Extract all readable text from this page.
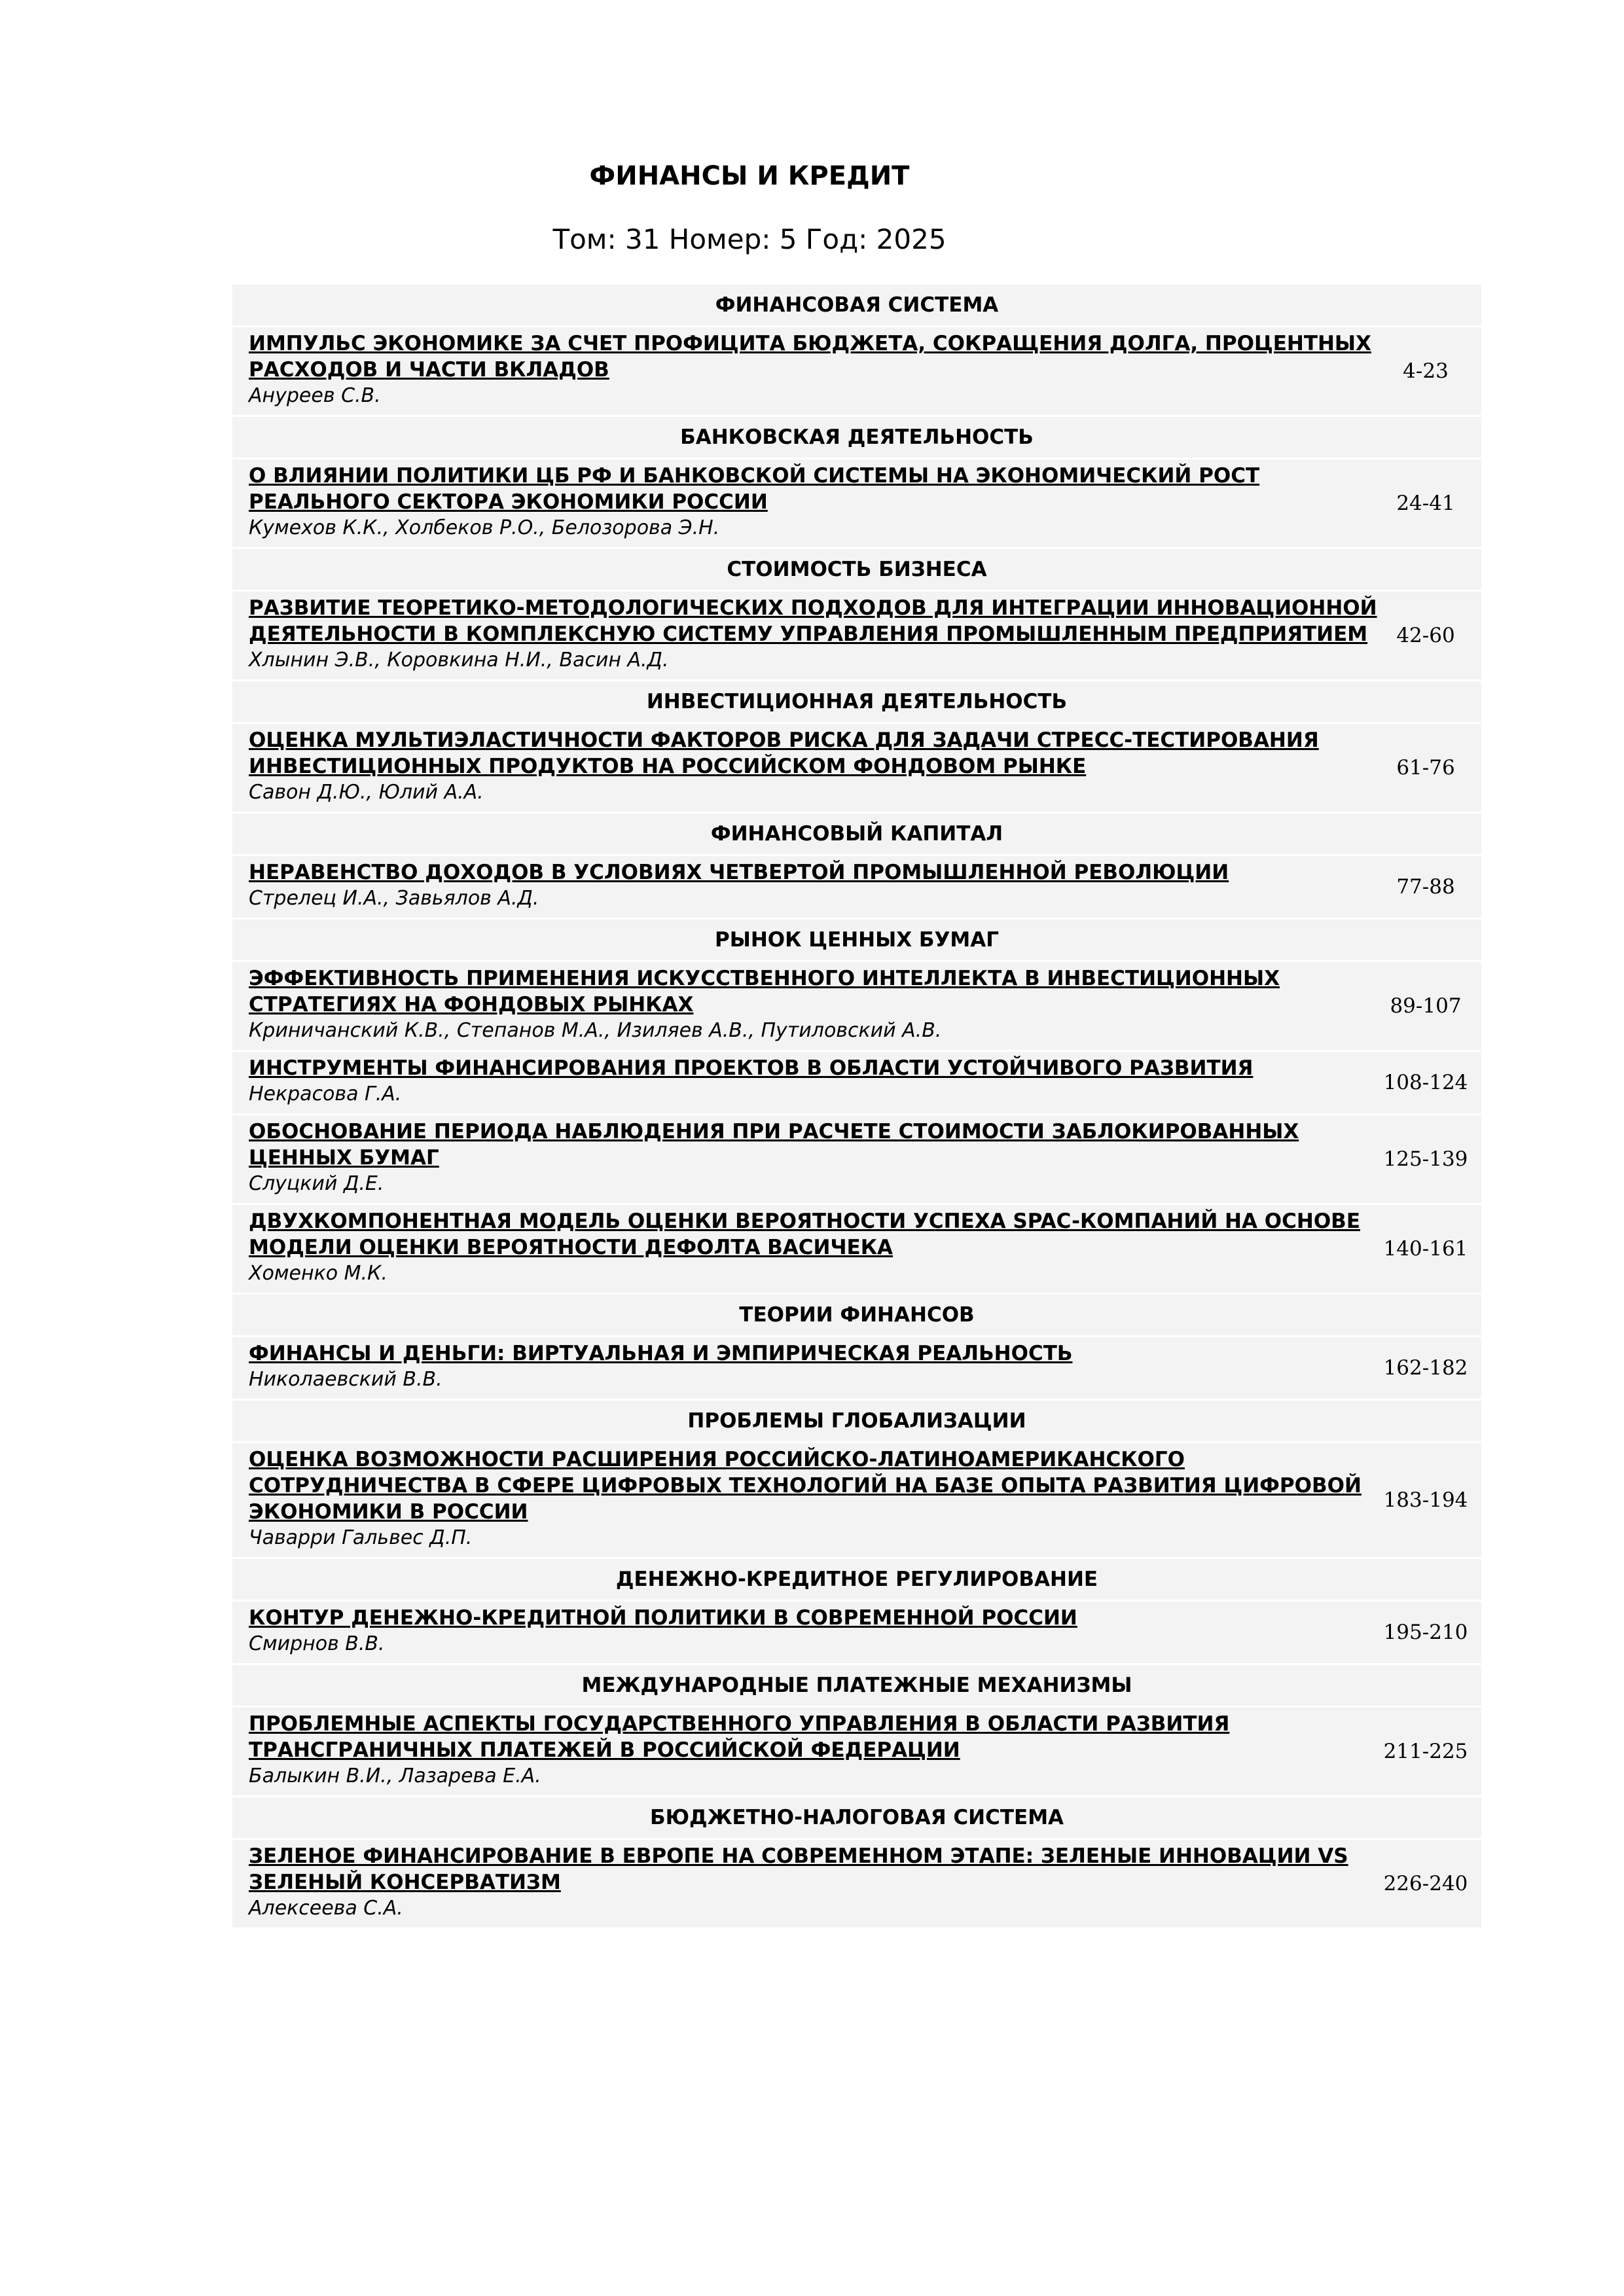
ФИНАНСЫ И КРЕДИТ
Том: 31 Номер: 5 Год: 2025
ФИНАНСОВАЯ СИСТЕМА
ИМПУЛЬС ЭКОНОМИКЕ ЗА СЧЕТ ПРОФИЦИТА БЮДЖЕТА, СОКРАЩЕНИЯ ДОЛГА, ПРОЦЕНТНЫХ РАСХОДОВ И ЧАСТИ ВКЛАДОВ
Ануреев С.В.
4-23
БАНКОВСКАЯ ДЕЯТЕЛЬНОСТЬ
О ВЛИЯНИИ ПОЛИТИКИ ЦБ РФ И БАНКОВСКОЙ СИСТЕМЫ НА ЭКОНОМИЧЕСКИЙ РОСТ РЕАЛЬНОГО СЕКТОРА ЭКОНОМИКИ РОССИИ
Кумехов К.К., Холбеков Р.О., Белозорова Э.Н.
24-41
СТОИМОСТЬ БИЗНЕСА
РАЗВИТИЕ ТЕОРЕТИКО-МЕТОДОЛОГИЧЕСКИХ ПОДХОДОВ ДЛЯ ИНТЕГРАЦИИ ИННОВАЦИОННОЙ ДЕЯТЕЛЬНОСТИ В КОМПЛЕКСНУЮ СИСТЕМУ УПРАВЛЕНИЯ ПРОМЫШЛЕННЫМ ПРЕДПРИЯТИЕМ
Хлынин Э.В., Коровкина Н.И., Васин А.Д.
42-60
ИНВЕСТИЦИОННАЯ ДЕЯТЕЛЬНОСТЬ
ОЦЕНКА МУЛЬТИЭЛАСТИЧНОСТИ ФАКТОРОВ РИСКА ДЛЯ ЗАДАЧИ СТРЕСС-ТЕСТИРОВАНИЯ ИНВЕСТИЦИОННЫХ ПРОДУКТОВ НА РОССИЙСКОМ ФОНДОВОМ РЫНКЕ
Савон Д.Ю., Юлий А.А.
61-76
ФИНАНСОВЫЙ КАПИТАЛ
НЕРАВЕНСТВО ДОХОДОВ В УСЛОВИЯХ ЧЕТВЕРТОЙ ПРОМЫШЛЕННОЙ РЕВОЛЮЦИИ
Стрелец И.А., Завьялов А.Д.	77-88
РЫНОК ЦЕННЫХ БУМАГ
ЭФФЕКТИВНОСТЬ ПРИМЕНЕНИЯ ИСКУССТВЕННОГО ИНТЕЛЛЕКТА В ИНВЕСТИЦИОННЫХ СТРАТЕГИЯХ НА ФОНДОВЫХ РЫНКАХ
Криничанский К.В., Степанов М.А., Изиляев А.В., Путиловский А.В.
89-107
ИНСТРУМЕНТЫ ФИНАНСИРОВАНИЯ ПРОЕКТОВ В ОБЛАСТИ УСТОЙЧИВОГО РАЗВИТИЯ
Некрасова Г.А.	108-124
ОБОСНОВАНИЕ ПЕРИОДА НАБЛЮДЕНИЯ ПРИ РАСЧЕТЕ СТОИМОСТИ ЗАБЛОКИРОВАННЫХ ЦЕННЫХ БУМАГ
Слуцкий Д.Е.
125-139
ДВУХКОМПОНЕНТНАЯ МОДЕЛЬ ОЦЕНКИ ВЕРОЯТНОСТИ УСПЕХА SPAC-КОМПАНИЙ НА ОСНОВЕ МОДЕЛИ ОЦЕНКИ ВЕРОЯТНОСТИ ДЕФОЛТА ВАСИЧЕКА
Хоменко М.К.
140-161
ТЕОРИИ ФИНАНСОВ
ФИНАНСЫ И ДЕНЬГИ: ВИРТУАЛЬНАЯ И ЭМПИРИЧЕСКАЯ РЕАЛЬНОСТЬ
Николаевский В.В.	162-182
ПРОБЛЕМЫ ГЛОБАЛИЗАЦИИ
ОЦЕНКА ВОЗМОЖНОСТИ РАСШИРЕНИЯ РОССИЙСКО-ЛАТИНОАМЕРИКАНСКОГО СОТРУДНИЧЕСТВА В СФЕРЕ ЦИФРОВЫХ ТЕХНОЛОГИЙ НА БАЗЕ ОПЫТА РАЗВИТИЯ ЦИФРОВОЙ ЭКОНОМИКИ В РОССИИ
Чаварри Гальвес Д.П.
183-194
ДЕНЕЖНО-КРЕДИТНОЕ РЕГУЛИРОВАНИЕ
КОНТУР ДЕНЕЖНО-КРЕДИТНОЙ ПОЛИТИКИ В СОВРЕМЕННОЙ РОССИИ
Смирнов В.В.	195-210
МЕЖДУНАРОДНЫЕ ПЛАТЕЖНЫЕ МЕХАНИЗМЫ
ПРОБЛЕМНЫЕ АСПЕКТЫ ГОСУДАРСТВЕННОГО УПРАВЛЕНИЯ В ОБЛАСТИ РАЗВИТИЯ ТРАНСГРАНИЧНЫХ ПЛАТЕЖЕЙ В РОССИЙСКОЙ ФЕДЕРАЦИИ
Балыкин В.И., Лазарева Е.А.
211-225
БЮДЖЕТНО-НАЛОГОВАЯ СИСТЕМА
ЗЕЛЕНОЕ ФИНАНСИРОВАНИЕ В ЕВРОПЕ НА СОВРЕМЕННОМ ЭТАПЕ: ЗЕЛЕНЫЕ ИННОВАЦИИ VS ЗЕЛЕНЫЙ КОНСЕРВАТИЗМ
Алексеева С.А.
226-240
